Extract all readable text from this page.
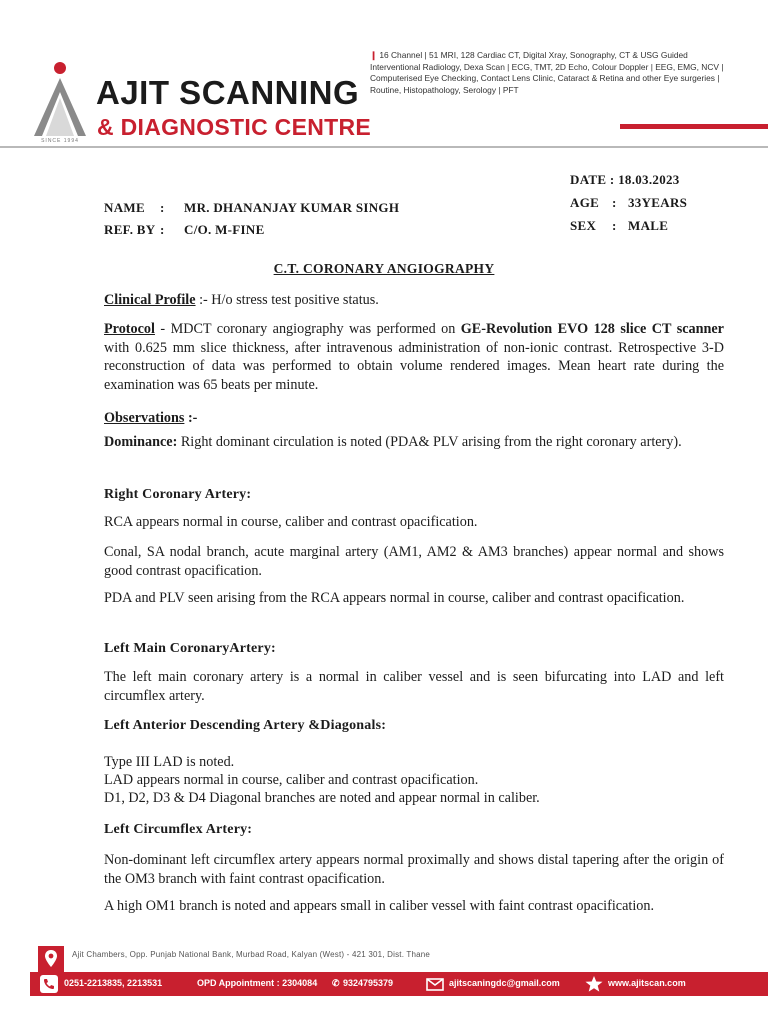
SINCE 1994
AJIT SCANNING
& DIAGNOSTIC CENTRE
❙ 16 Channel | 51 MRI, 128 Cardiac CT, Digital Xray, Sonography, CT & USG Guided Interventional Radiology, Dexa Scan | ECG, TMT, 2D Echo, Colour Doppler | EEG, EMG, NCV | Computerised Eye Checking, Contact Lens Clinic, Cataract & Retina and other Eye surgeries | Routine, Histopathology, Serology | PFT
DATE : 18.03.2023
NAME : MR. DHANANJAY KUMAR SINGH	AGE : 33YEARS
REF. BY : C/O. M-FINE	SEX : MALE
C.T. CORONARY ANGIOGRAPHY
Clinical Profile :- H/o stress test positive status.
Protocol - MDCT coronary angiography was performed on GE-Revolution EVO 128 slice CT scanner with 0.625 mm slice thickness, after intravenous administration of non-ionic contrast. Retrospective 3-D reconstruction of data was performed to obtain volume rendered images. Mean heart rate during the examination was 65 beats per minute.
Observations :-
Dominance: Right dominant circulation is noted (PDA& PLV arising from the right coronary artery).
Right Coronary Artery:
RCA appears normal in course, caliber and contrast opacification.
Conal, SA nodal branch, acute marginal artery (AM1, AM2 & AM3 branches) appear normal and shows good contrast opacification.
PDA and PLV seen arising from the RCA appears normal in course, caliber and contrast opacification.
Left Main CoronaryArtery:
The left main coronary artery is a normal in caliber vessel and is seen bifurcating into LAD and left circumflex artery.
Left Anterior Descending Artery &Diagonals:
Type III LAD is noted.
LAD appears normal in course, caliber and contrast opacification.
D1, D2, D3 & D4 Diagonal branches are noted and appear normal in caliber.
Left Circumflex Artery:
Non-dominant left circumflex artery appears normal proximally and shows distal tapering after the origin of the OM3 branch with faint contrast opacification.
A high OM1 branch is noted and appears small in caliber vessel with faint contrast opacification.
Ajit Chambers, Opp. Punjab National Bank, Murbad Road, Kalyan (West) - 421 301, Dist. Thane
0251-2213835, 2213531	OPD Appointment : 2304084 ✆ 9324795379	ajitscaningdc@gmail.com	www.ajitscan.com
